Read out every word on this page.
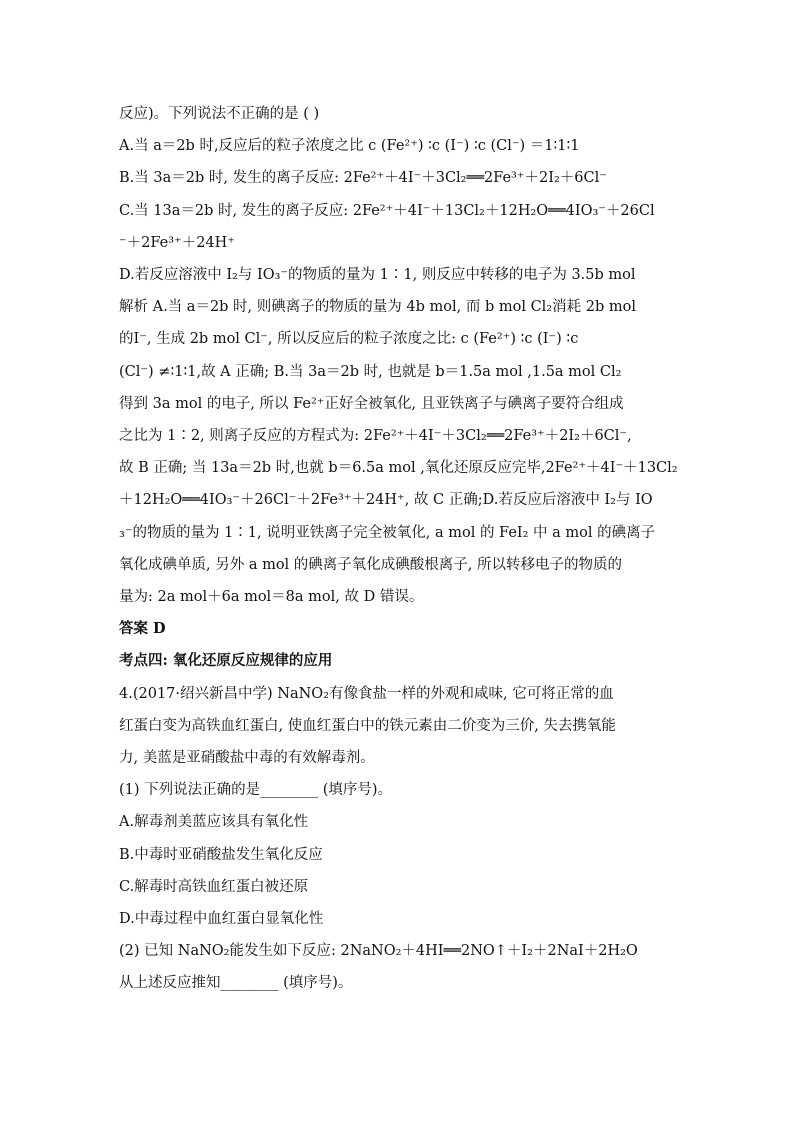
反应)。下列说法不正确的是 ( )
A.当 a＝2b 时,反应后的粒子浓度之比 c (Fe²⁺) ∶c (I⁻) ∶c (Cl⁻) ＝1∶1∶1
B.当 3a＝2b 时, 发生的离子反应: 2Fe²⁺＋4I⁻＋3Cl₂══2Fe³⁺＋2I₂＋6Cl⁻
C.当 13a＝2b 时, 发生的离子反应: 2Fe²⁺＋4I⁻＋13Cl₂＋12H₂O══4IO₃⁻＋26Cl
⁻＋2Fe³⁺＋24H⁺
D.若反应溶液中 I₂与 IO₃⁻的物质的量为 1∶1, 则反应中转移的电子为 3.5b mol
解析 A.当 a＝2b 时, 则碘离子的物质的量为 4b mol, 而 b mol Cl₂消耗 2b mol
的I⁻, 生成 2b mol Cl⁻, 所以反应后的粒子浓度之比: c (Fe²⁺) ∶c (I⁻) ∶c
(Cl⁻) ≠∶1∶1,故 A 正确; B.当 3a＝2b 时, 也就是 b＝1.5a mol ,1.5a mol Cl₂
得到 3a mol 的电子, 所以 Fe²⁺正好全被氧化, 且亚铁离子与碘离子要符合组成
之比为 1∶2, 则离子反应的方程式为: 2Fe²⁺＋4I⁻＋3Cl₂══2Fe³⁺＋2I₂＋6Cl⁻,
故 B 正确; 当 13a＝2b 时,也就 b＝6.5a mol ,氧化还原反应完毕,2Fe²⁺＋4I⁻＋13Cl₂
＋12H₂O══4IO₃⁻＋26Cl⁻＋2Fe³⁺＋24H⁺, 故 C 正确;D.若反应后溶液中 I₂与 IO
₃⁻的物质的量为 1∶1, 说明亚铁离子完全被氧化, a mol 的 FeI₂ 中 a mol 的碘离子
氧化成碘单质, 另外 a mol 的碘离子氧化成碘酸根离子, 所以转移电子的物质的
量为: 2a mol＋6a mol＝8a mol, 故 D 错误。
答案 D
考点四: 氧化还原反应规律的应用
4.(2017·绍兴新昌中学) NaNO₂有像食盐一样的外观和咸味, 它可将正常的血
红蛋白变为高铁血红蛋白, 使血红蛋白中的铁元素由二价变为三价, 失去携氧能
力, 美蓝是亚硝酸盐中毒的有效解毒剂。
(1) 下列说法正确的是________ (填序号)。
A.解毒剂美蓝应该具有氧化性
B.中毒时亚硝酸盐发生氧化反应
C.解毒时高铁血红蛋白被还原
D.中毒过程中血红蛋白显氧化性
(2) 已知 NaNO₂能发生如下反应: 2NaNO₂＋4HI══2NO↑＋I₂＋2NaI＋2H₂O
从上述反应推知________ (填序号)。
